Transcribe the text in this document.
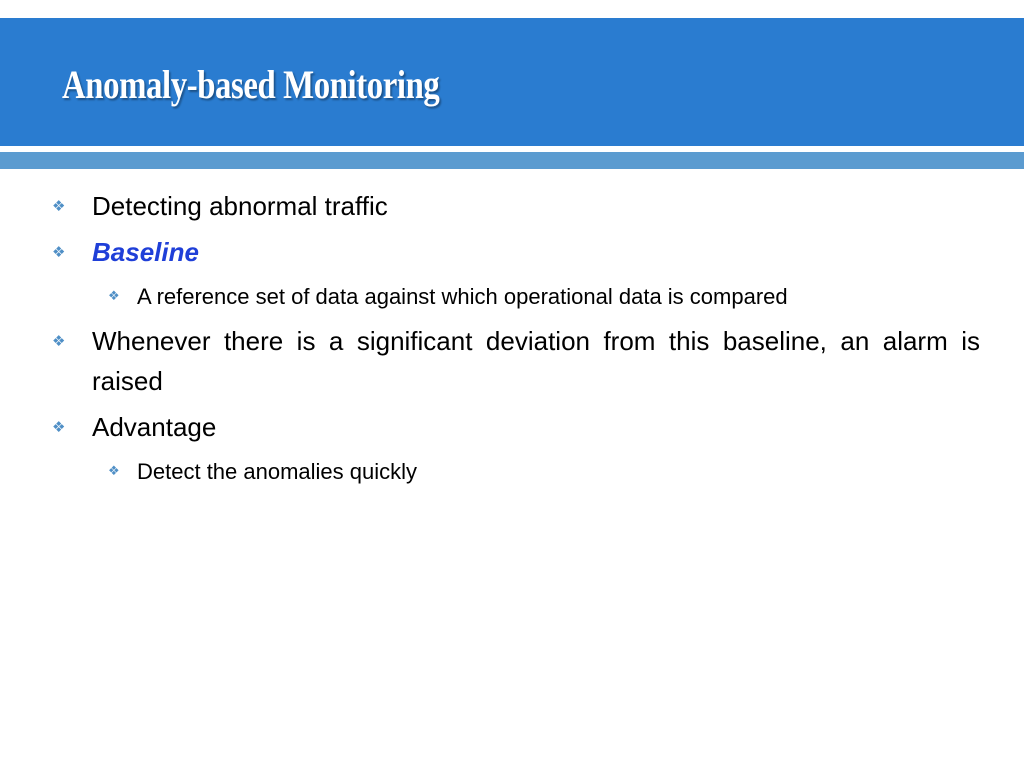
Anomaly-based Monitoring
❖ Detecting abnormal traffic
❖ Baseline
❖ A reference set of data against which operational data is compared
❖ Whenever there is a significant deviation from this baseline, an alarm is raised
❖ Advantage
❖ Detect the anomalies quickly
